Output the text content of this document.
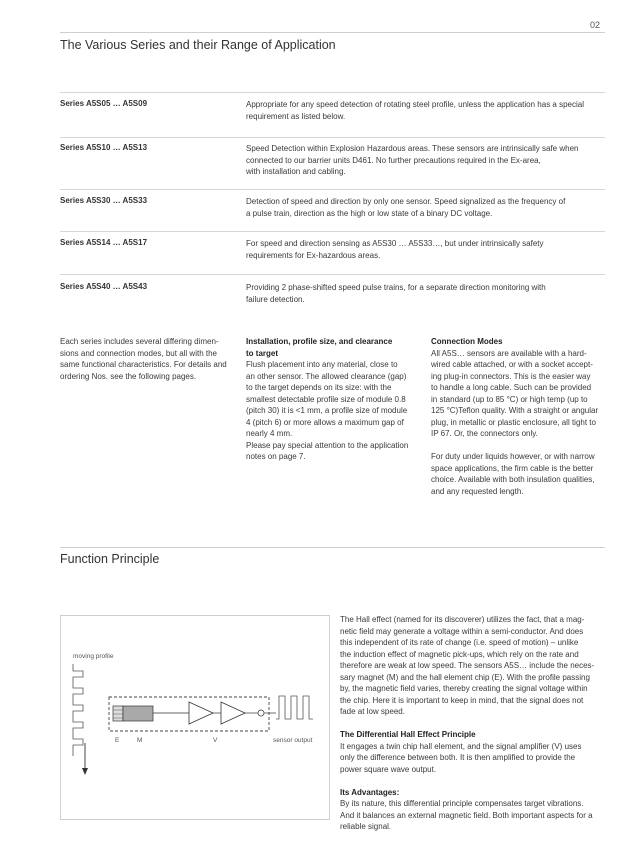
02
The Various Series and their Range of Application
Series A5S05 … A5S09	Appropriate for any speed detection of rotating steel profile, unless the application has a special
requirement as listed below.
Series A5S10 … A5S13	Speed Detection within Explosion Hazardous areas. These sensors are intrinsically safe when
connected to our barrier units D461. No further precautions required in the Ex-area,
with installation and cabling.
Series A5S30 … A5S33	Detection of speed and direction by only one sensor. Speed signalized as the frequency of
a pulse train, direction as the high or low state of a binary DC voltage.
Series A5S14 … A5S17	For speed and direction sensing as A5S30 … A5S33…, but under intrinsically safety
requirements for Ex-hazardous areas.
Series A5S40 … A5S43	Providing 2 phase-shifted speed pulse trains, for a separate direction monitoring with
failure detection.
Each series includes several differing dimen-
sions and connection modes, but all with the
same functional characteristics. For details and
ordering Nos. see the following pages.
Installation, profile size, and clearance
to target
Flush placement into any material, close to
an other sensor. The allowed clearance (gap)
to the target depends on its size: with the
smallest detectable profile size of module 0.8
(pitch 30) it is <1 mm, a profile size of module
4 (pitch 6) or more allows a maximum gap of
nearly 4 mm.
Please pay special attention to the application
notes on page 7.
Connection Modes
All A5S… sensors are available with a hard-
wired cable attached, or with a socket accept-
ing plug-in connectors. This is the easier way
to handle a long cable. Such can be provided
in standard (up to 85 °C) or high temp (up to
125 °C)Teflon quality. With a straight or angular
plug, in metallic or plastic enclosure, all tight to
IP 67. Or, the connectors only.
For duty under liquids however, or with narrow
space applications, the firm cable is the better
choice. Available with both insulation qualities,
and any requested length.
Function Principle
moving profile
E	M	V	sensor output
The Hall effect (named for its discoverer) utilizes the fact, that a mag-
netic field may generate a voltage within a semi-conductor. And does
this independent of its rate of change (i.e. speed of motion) – unlike
the induction effect of magnetic pick-ups, which rely on the rate and
therefore are weak at low speed. The sensors A5S… include the neces-
sary magnet (M) and the hall element chip (E). With the profile passing
by, the magnetic field varies, thereby creating the signal voltage within
the chip. Here it is important to keep in mind, that the signal does not
fade at low speed.
The Differential Hall Effect Principle
It engages a twin chip hall element, and the signal amplifier (V) uses
only the difference between both. It is then amplified to provide the
power square wave output.
Its Advantages:
By its nature, this differential principle compensates target vibrations.
And it balances an external magnetic field. Both important aspects for a
reliable signal.
